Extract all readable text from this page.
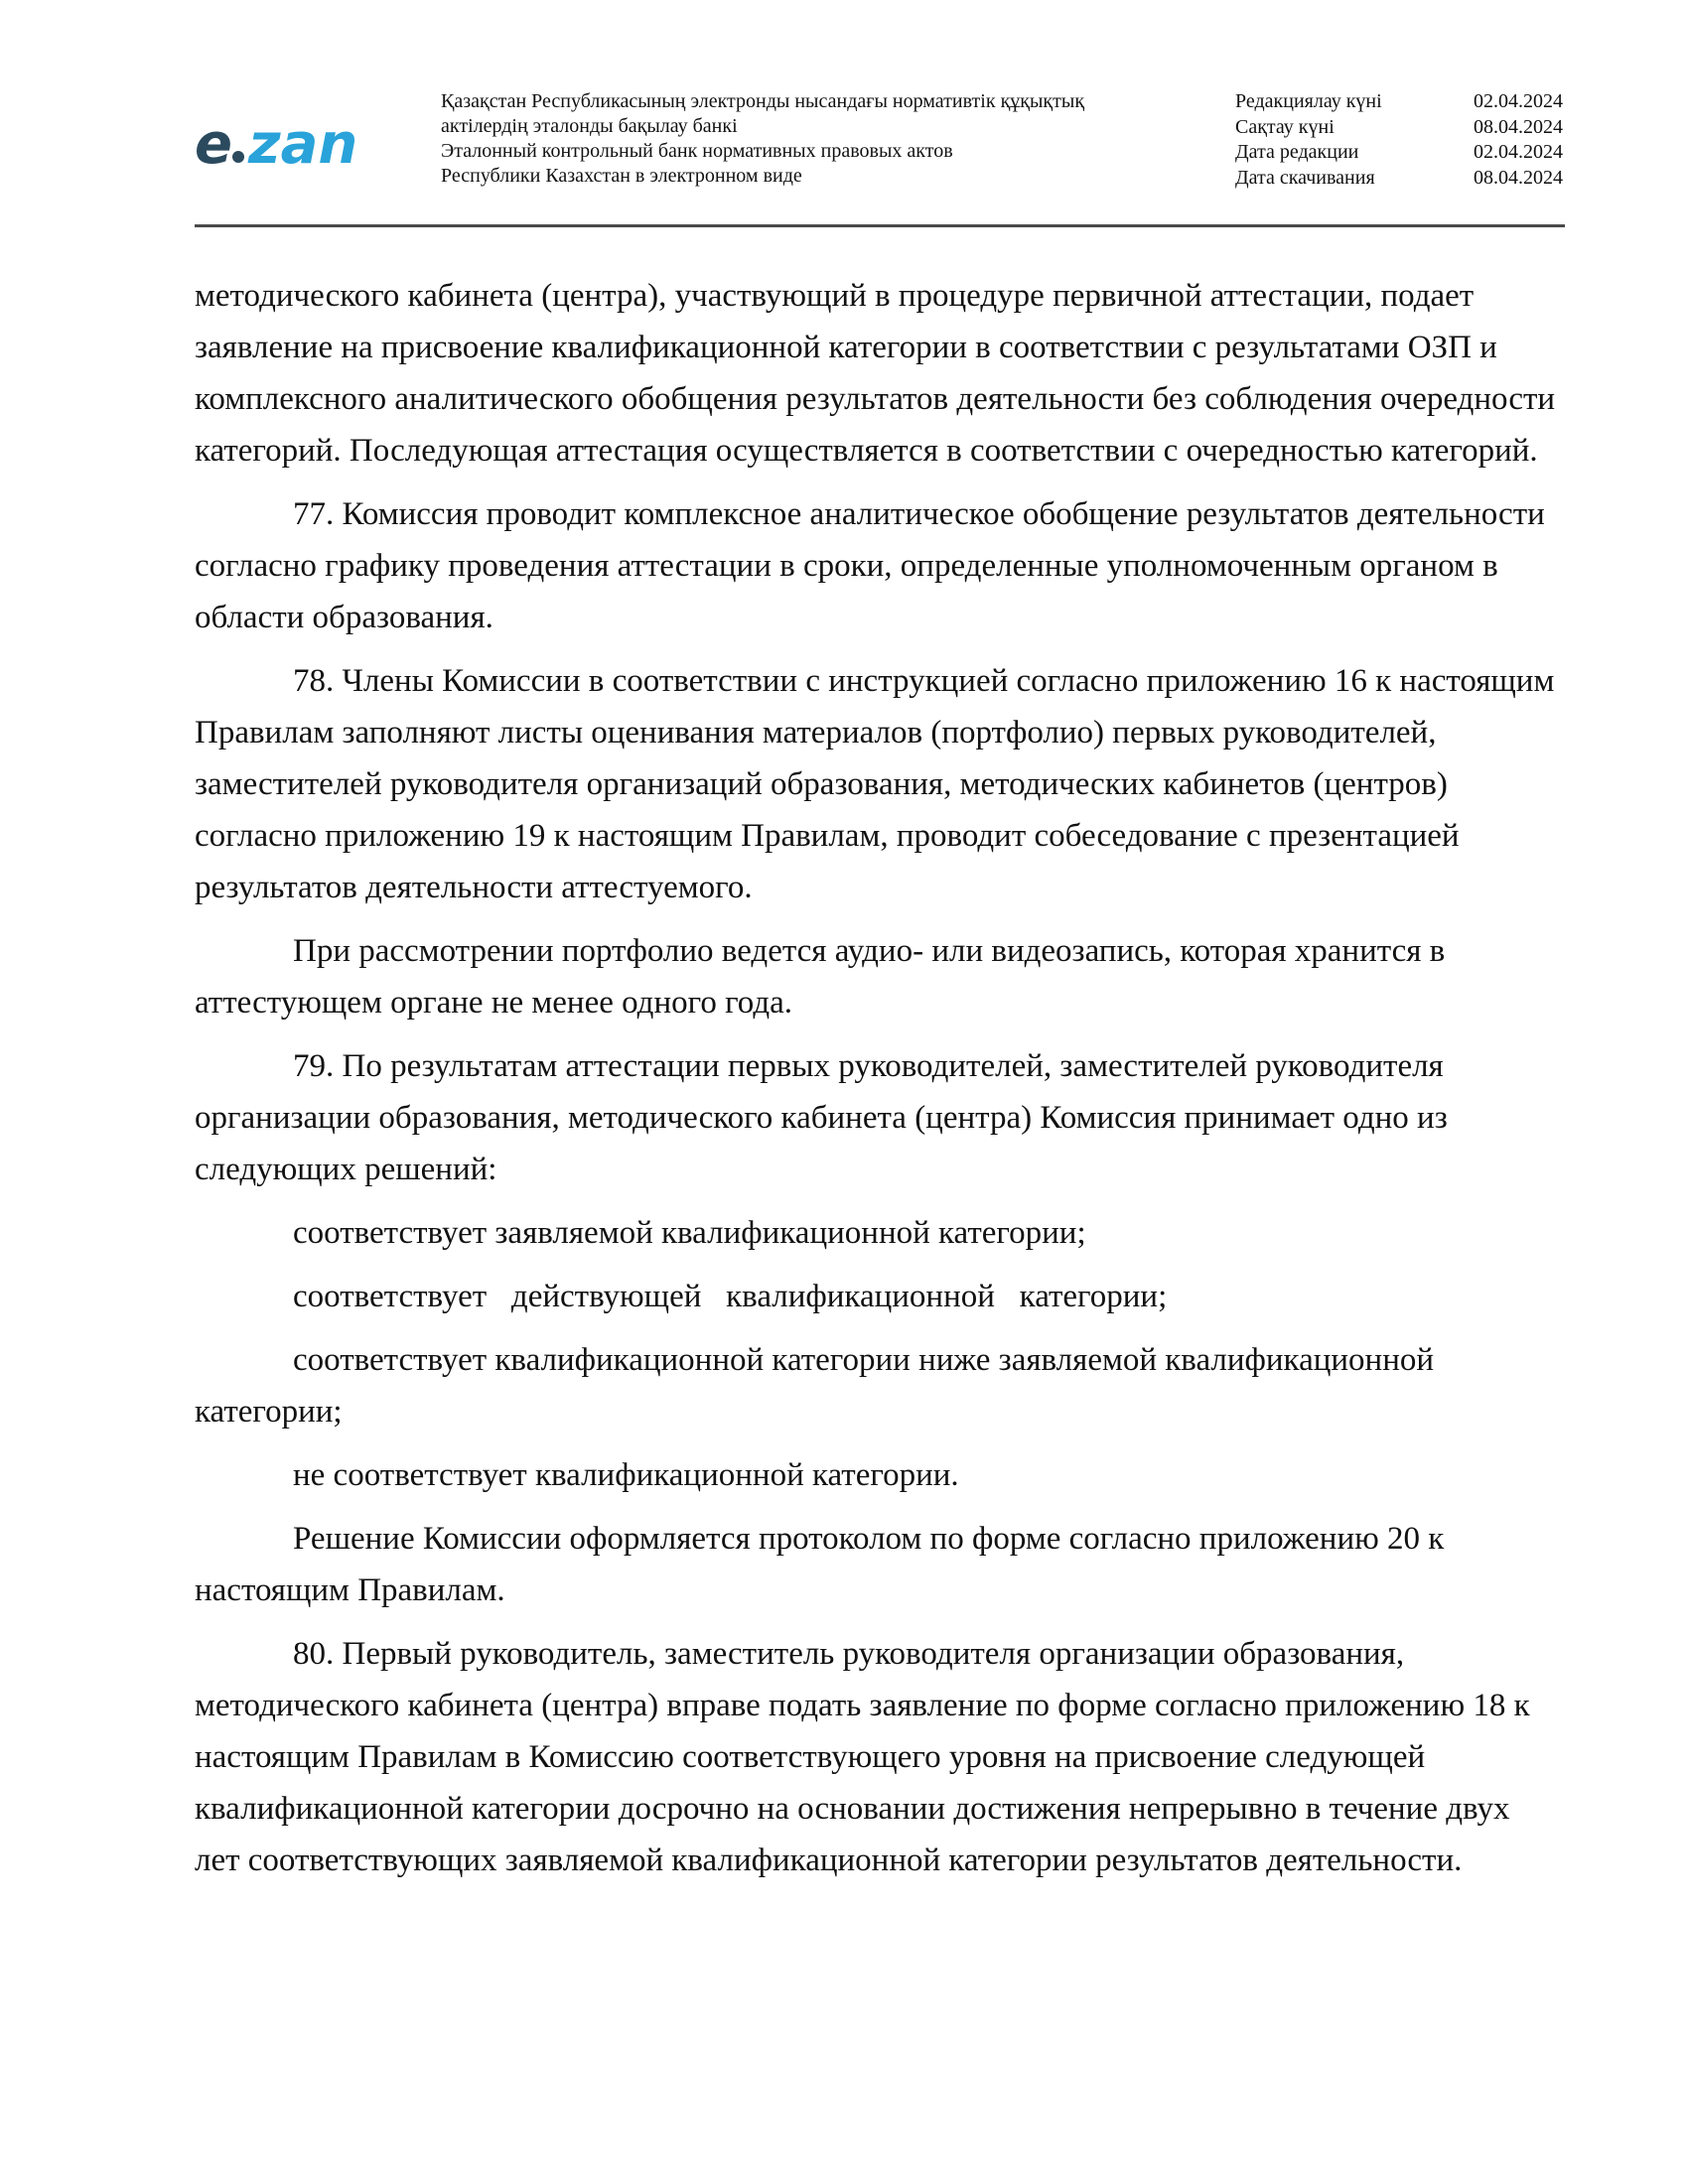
e zan
Қазақстан Республикасының электронды нысандағы нормативтік құқықтық
актілердің эталонды бақылау банкі
Эталонный контрольный банк нормативных правовых актов
Республики Казахстан в электронном виде
Редакциялау күні	02.04.2024
Сақтау күні	08.04.2024
Дата редакции	02.04.2024
Дата скачивания	08.04.2024

методического кабинета (центра), участвующий в процедуре первичной аттестации, подает заявление на присвоение квалификационной категории в соответствии с результатами ОЗП и комплексного аналитического обобщения результатов деятельности без соблюдения очередности категорий. Последующая аттестация осуществляется в соответствии с очередностью категорий.

77. Комиссия проводит комплексное аналитическое обобщение результатов деятельности согласно графику проведения аттестации в сроки, определенные уполномоченным органом в области образования.

78. Члены Комиссии в соответствии с инструкцией согласно приложению 16 к настоящим Правилам заполняют листы оценивания материалов (портфолио) первых руководителей, заместителей руководителя организаций образования, методических кабинетов (центров) согласно приложению 19 к настоящим Правилам, проводит собеседование с презентацией результатов деятельности аттестуемого.

При рассмотрении портфолио ведется аудио- или видеозапись, которая хранится в аттестующем органе не менее одного года.

79. По результатам аттестации первых руководителей, заместителей руководителя организации образования, методического кабинета (центра) Комиссия принимает одно из следующих решений:

соответствует заявляемой квалификационной категории;

соответствует   действующей   квалификационной   категории;

соответствует квалификационной категории ниже заявляемой квалификационной категории;

не соответствует квалификационной категории.

Решение Комиссии оформляется протоколом по форме согласно приложению 20 к настоящим Правилам.

80. Первый руководитель, заместитель руководителя организации образования, методического кабинета (центра) вправе подать заявление по форме согласно приложению 18 к настоящим Правилам в Комиссию соответствующего уровня на присвоение следующей квалификационной категории досрочно на основании достижения непрерывно в течение двух лет соответствующих заявляемой квалификационной категории результатов деятельности.
